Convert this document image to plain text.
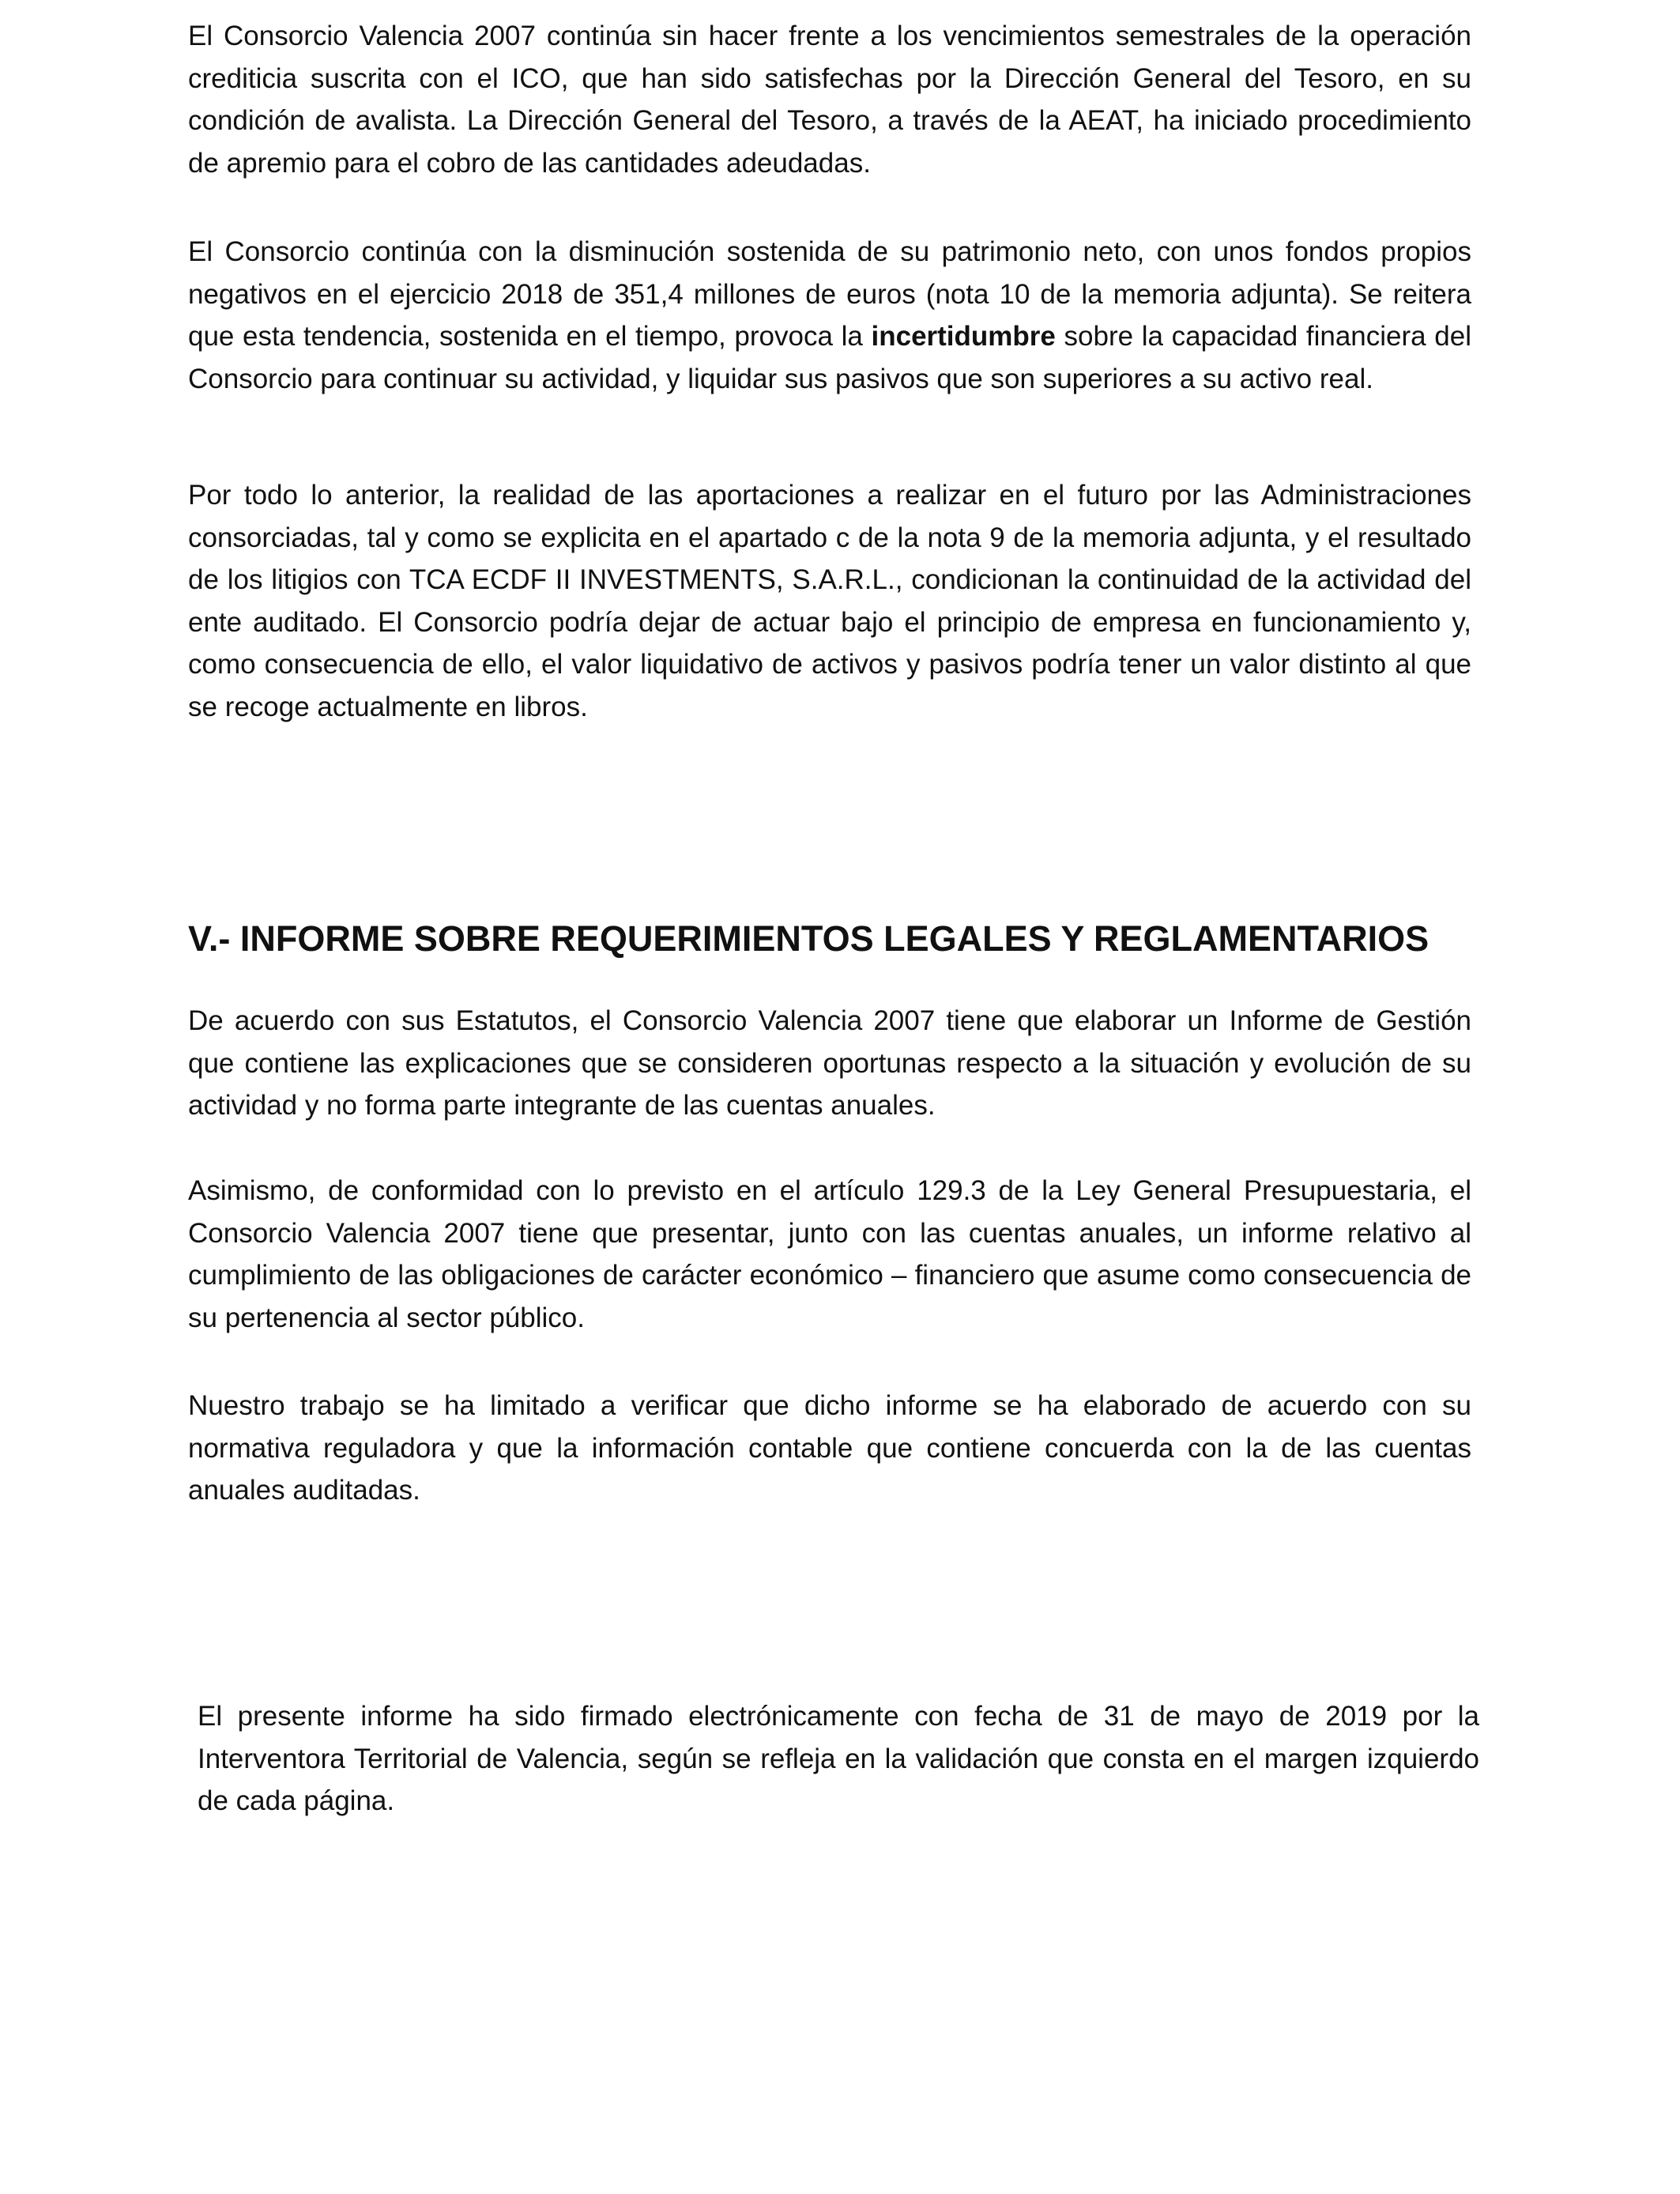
El Consorcio Valencia 2007 continúa sin hacer frente a los vencimientos semestrales de la operación crediticia suscrita con el ICO, que han sido satisfechas por la Dirección General del Tesoro, en su condición de avalista. La Dirección General del Tesoro, a través de la AEAT, ha iniciado procedimiento de apremio para el cobro de las cantidades adeudadas.

El Consorcio continúa con la disminución sostenida de su patrimonio neto, con unos fondos propios negativos en el ejercicio 2018 de 351,4 millones de euros (nota 10 de la memoria adjunta). Se reitera que esta tendencia, sostenida en el tiempo, provoca la incertidumbre sobre la capacidad financiera del Consorcio para continuar su actividad, y liquidar sus pasivos que son superiores a su activo real.

Por todo lo anterior, la realidad de las aportaciones a realizar en el futuro por las Administraciones consorciadas, tal y como se explicita en el apartado c de la nota 9 de la memoria adjunta, y el resultado de los litigios con TCA ECDF II INVESTMENTS, S.A.R.L., condicionan la continuidad de la actividad del ente auditado. El Consorcio podría dejar de actuar bajo el principio de empresa en funcionamiento y, como consecuencia de ello, el valor liquidativo de activos y pasivos podría tener un valor distinto al que se recoge actualmente en libros.

V.- INFORME SOBRE REQUERIMIENTOS LEGALES Y REGLAMENTARIOS

De acuerdo con sus Estatutos, el Consorcio Valencia 2007 tiene que elaborar un Informe de Gestión que contiene las explicaciones que se consideren oportunas respecto a la situación y evolución de su actividad y no forma parte integrante de las cuentas anuales.

Asimismo, de conformidad con lo previsto en el artículo 129.3 de la Ley General Presupuestaria, el Consorcio Valencia 2007 tiene que presentar, junto con las cuentas anuales, un informe relativo al cumplimiento de las obligaciones de carácter económico – financiero que asume como consecuencia de su pertenencia al sector público.

Nuestro trabajo se ha limitado a verificar que dicho informe se ha elaborado de acuerdo con su normativa reguladora y que la información contable que contiene concuerda con la de las cuentas anuales auditadas.

El presente informe ha sido firmado electrónicamente con fecha de 31 de mayo de 2019 por la Interventora Territorial de Valencia, según se refleja en la validación que consta en el margen izquierdo de cada página.
